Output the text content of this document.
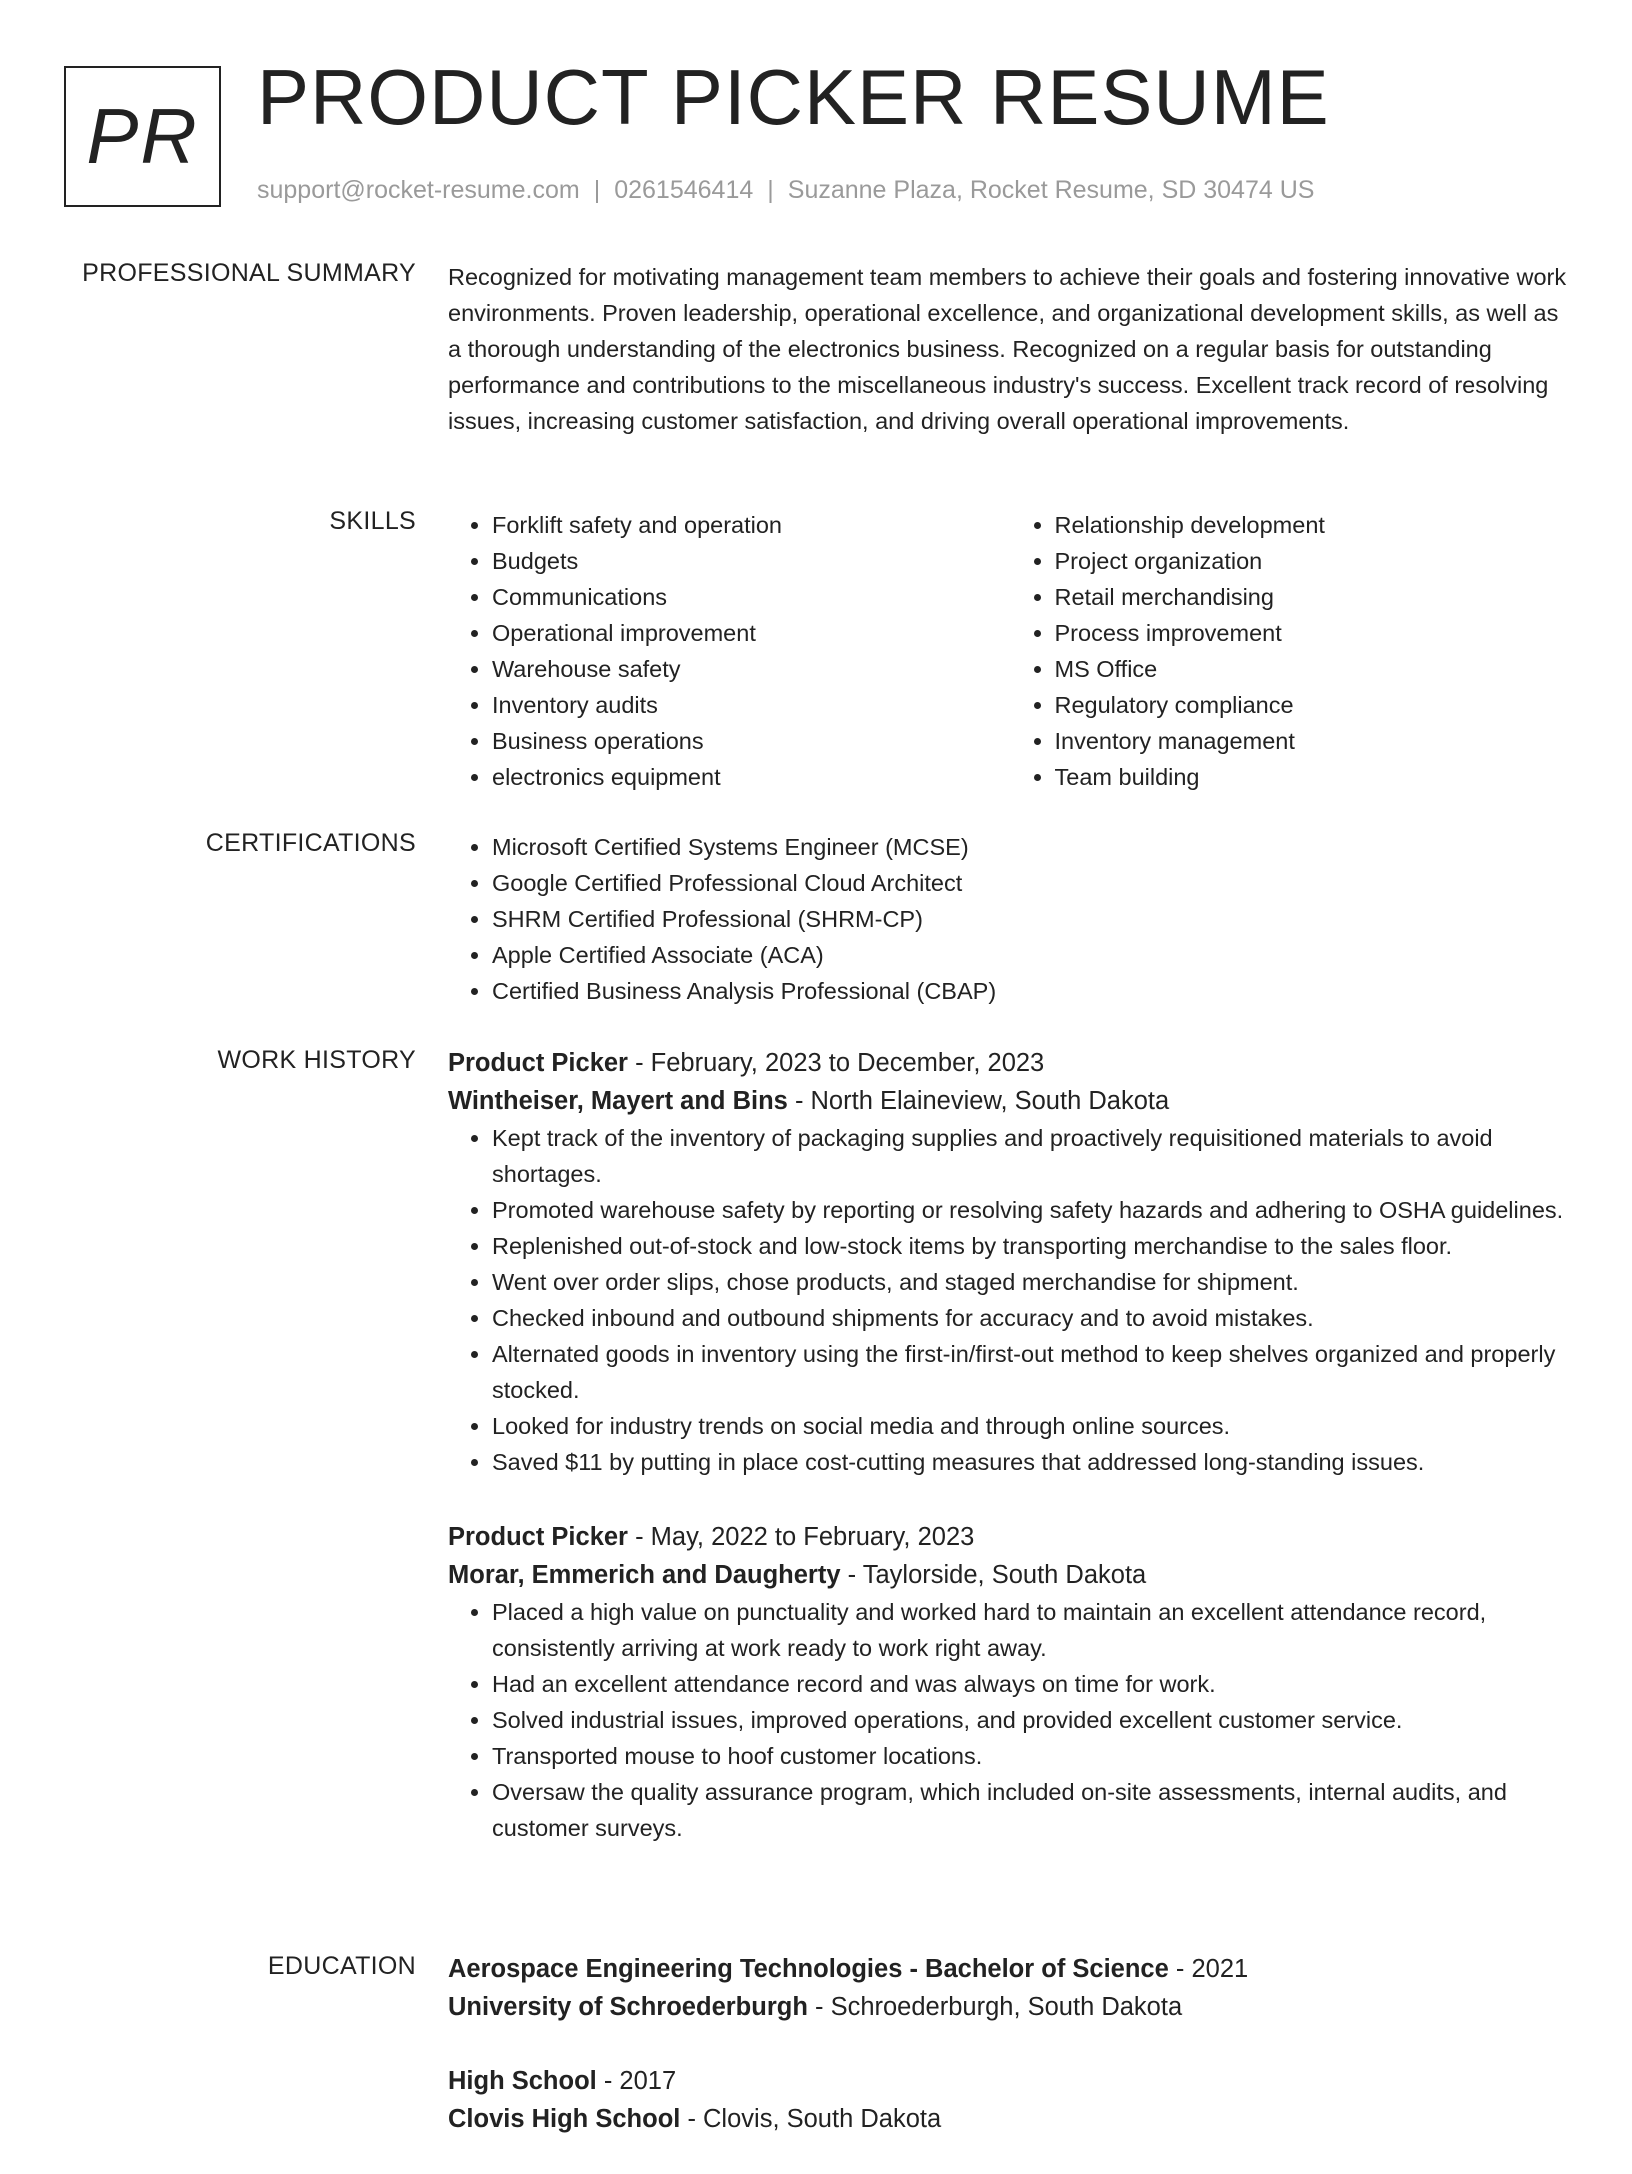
PR PRODUCT PICKER RESUME
support@rocket-resume.com | 0261546414 | Suzanne Plaza, Rocket Resume, SD 30474 US
PROFESSIONAL SUMMARY Recognized for motivating management team members to achieve their goals and fostering innovative work environments. Proven leadership, operational excellence, and organizational development skills, as well as a thorough understanding of the electronics business. Recognized on a regular basis for outstanding performance and contributions to the miscellaneous industry's success. Excellent track record of resolving issues, increasing customer satisfaction, and driving overall operational improvements.

SKILLS	• Forklift safety and operation
• Budgets
• Communications
• Operational improvement
• Warehouse safety
• Inventory audits
• Business operations
• electronics equipment
• Relationship development
• Project organization
• Retail merchandising
• Process improvement
• MS Office
• Regulatory compliance
• Inventory management
• Team building
CERTIFICATIONS	• Microsoft Certified Systems Engineer (MCSE)
• Google Certified Professional Cloud Architect
• SHRM Certified Professional (SHRM-CP)
• Apple Certified Associate (ACA)
• Certified Business Analysis Professional (CBAP)
WORK HISTORY Product Picker - February, 2023 to December, 2023
Wintheiser, Mayert and Bins - North Elaineview, South Dakota
• Kept track of the inventory of packaging supplies and proactively requisitioned materials to avoid shortages.
• Promoted warehouse safety by reporting or resolving safety hazards and adhering to OSHA guidelines.
• Replenished out-of-stock and low-stock items by transporting merchandise to the sales floor.
• Went over order slips, chose products, and staged merchandise for shipment.
• Checked inbound and outbound shipments for accuracy and to avoid mistakes.
• Alternated goods in inventory using the first-in/first-out method to keep shelves organized and properly stocked.
• Looked for industry trends on social media and through online sources.
• Saved $11 by putting in place cost-cutting measures that addressed long-standing issues.
Product Picker - May, 2022 to February, 2023
Morar, Emmerich and Daugherty - Taylorside, South Dakota
• Placed a high value on punctuality and worked hard to maintain an excellent attendance record, consistently arriving at work ready to work right away.
• Had an excellent attendance record and was always on time for work.
• Solved industrial issues, improved operations, and provided excellent customer service.
• Transported mouse to hoof customer locations.
• Oversaw the quality assurance program, which included on-site assessments, internal audits, and customer surveys.
EDUCATION Aerospace Engineering Technologies - Bachelor of Science - 2021
University of Schroederburgh - Schroederburgh, South Dakota
High School - 2017
Clovis High School - Clovis, South Dakota
